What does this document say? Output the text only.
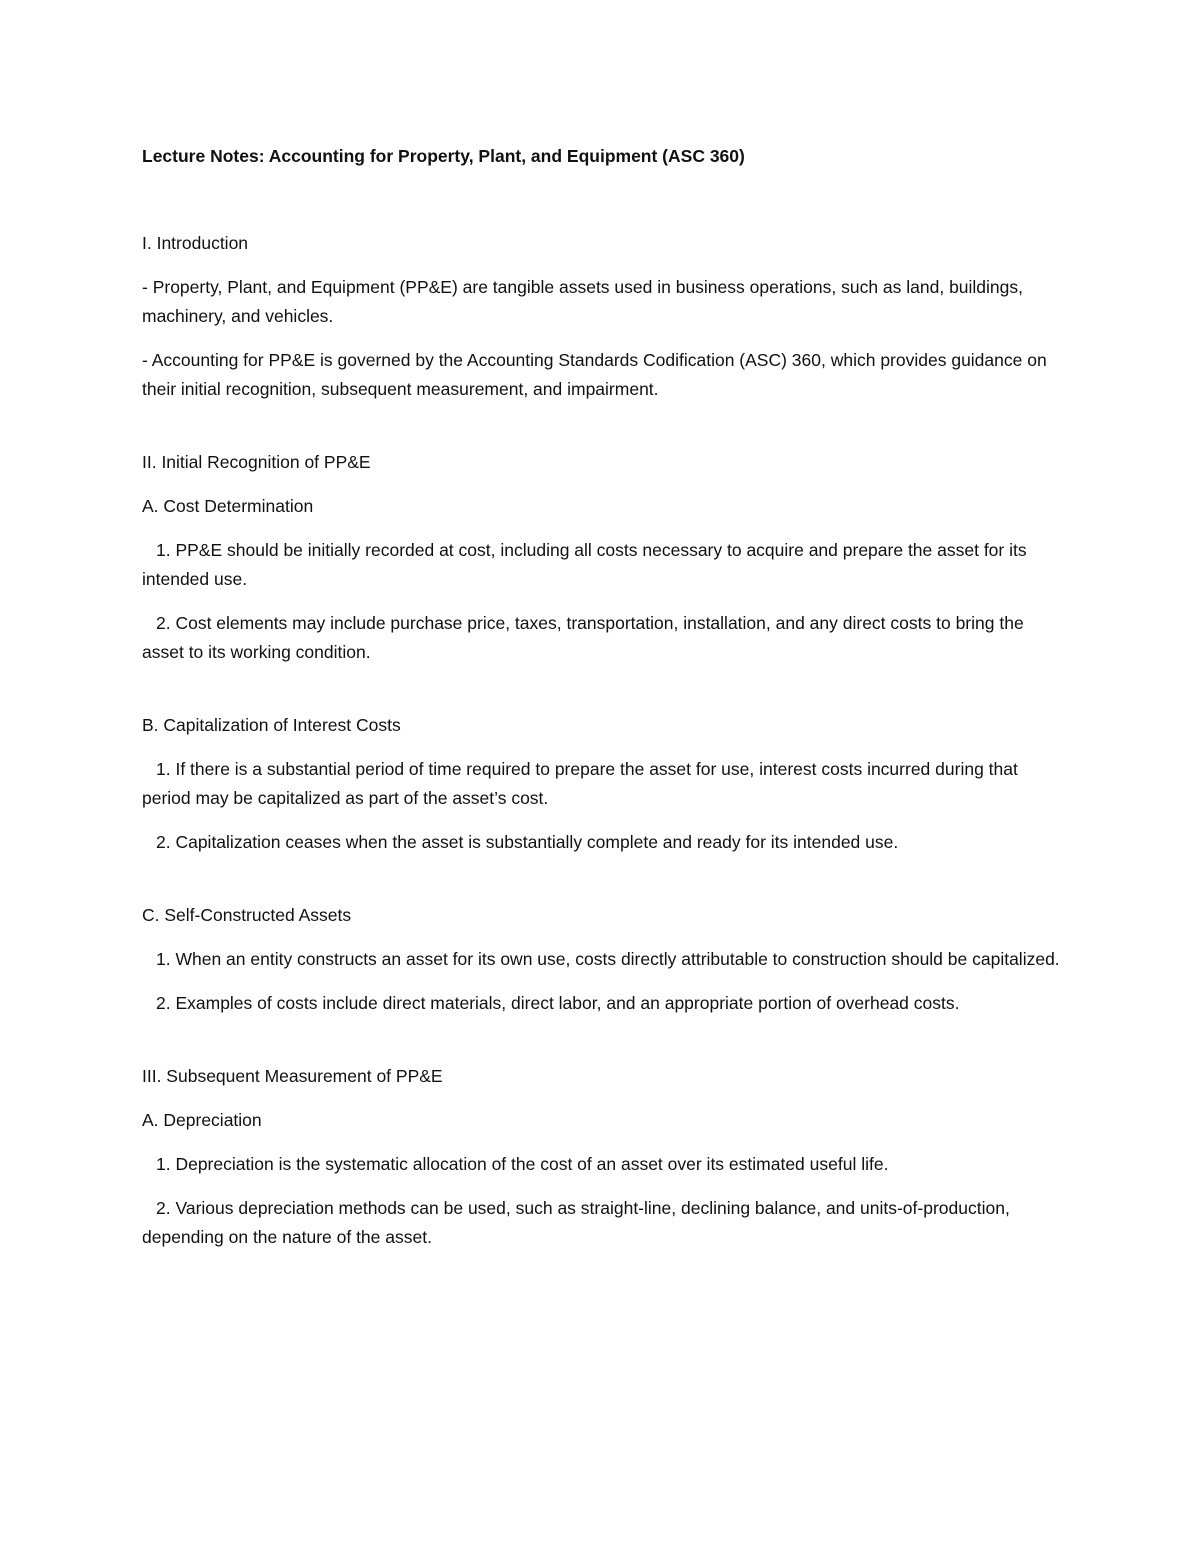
Lecture Notes: Accounting for Property, Plant, and Equipment (ASC 360)

I. Introduction

- Property, Plant, and Equipment (PP&E) are tangible assets used in business operations, such as land, buildings, machinery, and vehicles.

- Accounting for PP&E is governed by the Accounting Standards Codification (ASC) 360, which provides guidance on their initial recognition, subsequent measurement, and impairment.

II. Initial Recognition of PP&E

A. Cost Determination

1. PP&E should be initially recorded at cost, including all costs necessary to acquire and prepare the asset for its intended use.

2. Cost elements may include purchase price, taxes, transportation, installation, and any direct costs to bring the asset to its working condition.

B. Capitalization of Interest Costs

1. If there is a substantial period of time required to prepare the asset for use, interest costs incurred during that period may be capitalized as part of the asset’s cost.

2. Capitalization ceases when the asset is substantially complete and ready for its intended use.

C. Self-Constructed Assets

1. When an entity constructs an asset for its own use, costs directly attributable to construction should be capitalized.

2. Examples of costs include direct materials, direct labor, and an appropriate portion of overhead costs.

III. Subsequent Measurement of PP&E

A. Depreciation

1. Depreciation is the systematic allocation of the cost of an asset over its estimated useful life.

2. Various depreciation methods can be used, such as straight-line, declining balance, and units-of-production, depending on the nature of the asset.
